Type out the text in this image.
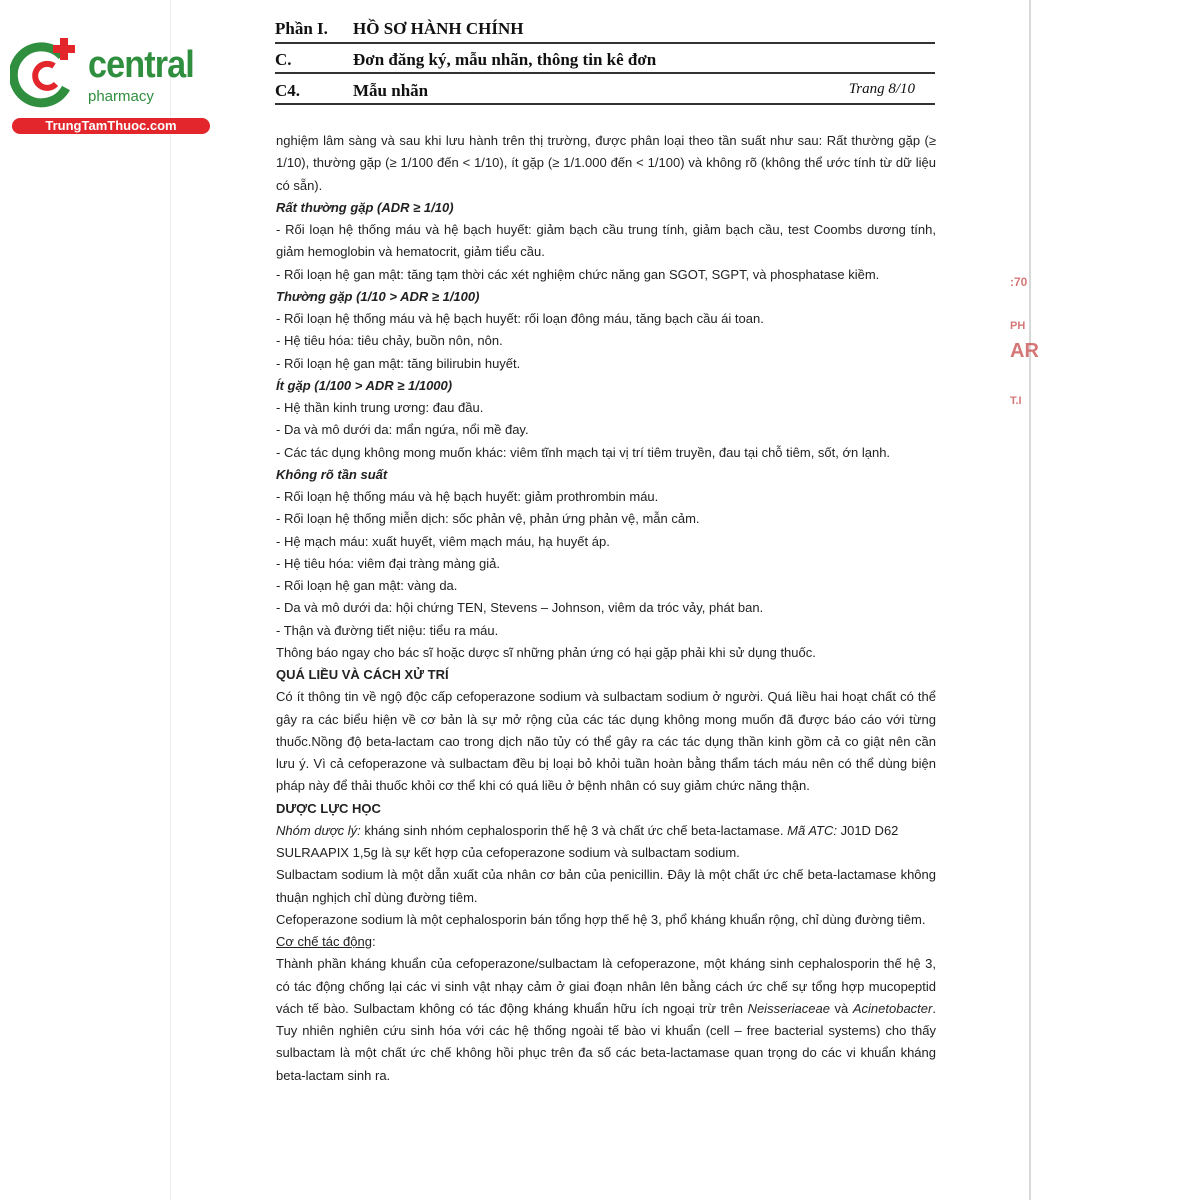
central
pharmacy
TrungTamThuoc.com
Phần I. HỒ SƠ HÀNH CHÍNH
C.	Đơn đăng ký, mẫu nhãn, thông tin kê đơn
C4.	Mẫu nhãn	Trang 8/10

nghiệm lâm sàng và sau khi lưu hành trên thị trường, được phân loại theo tần suất như sau: Rất thường gặp (≥ 1/10), thường gặp (≥ 1/100 đến < 1/10), ít gặp (≥ 1/1.000 đến < 1/100) và không rõ (không thể ước tính từ dữ liệu có sẵn).

Rất thường gặp (ADR ≥ 1/10)

- Rối loạn hệ thống máu và hệ bạch huyết: giảm bạch cầu trung tính, giảm bạch cầu, test Coombs dương tính, giảm hemoglobin và hematocrit, giảm tiểu cầu.

- Rối loạn hệ gan mật: tăng tạm thời các xét nghiệm chức năng gan SGOT, SGPT, và phosphatase kiềm.

Thường gặp (1/10 > ADR ≥ 1/100)

- Rối loạn hệ thống máu và hệ bạch huyết: rối loạn đông máu, tăng bạch cầu ái toan.

- Hệ tiêu hóa: tiêu chảy, buồn nôn, nôn.

- Rối loạn hệ gan mật: tăng bilirubin huyết.

Ít gặp (1/100 > ADR ≥ 1/1000)

- Hệ thần kinh trung ương: đau đầu.

- Da và mô dưới da: mẩn ngứa, nổi mề đay.

- Các tác dụng không mong muốn khác: viêm tĩnh mạch tại vị trí tiêm truyền, đau tại chỗ tiêm, sốt, ớn lạnh.

Không rõ tần suất

- Rối loạn hệ thống máu và hệ bạch huyết: giảm prothrombin máu.

- Rối loạn hệ thống miễn dịch: sốc phản vệ, phản ứng phản vệ, mẫn cảm.

- Hệ mạch máu: xuất huyết, viêm mạch máu, hạ huyết áp.

- Hệ tiêu hóa: viêm đại tràng màng giả.

- Rối loạn hệ gan mật: vàng da.

- Da và mô dưới da: hội chứng TEN, Stevens – Johnson, viêm da tróc vảy, phát ban.

- Thận và đường tiết niệu: tiểu ra máu.

Thông báo ngay cho bác sĩ hoặc dược sĩ những phản ứng có hại gặp phải khi sử dụng thuốc.

QUÁ LIỀU VÀ CÁCH XỬ TRÍ

Có ít thông tin về ngộ độc cấp cefoperazone sodium và sulbactam sodium ở người. Quá liều hai hoạt chất có thể gây ra các biểu hiện về cơ bản là sự mở rộng của các tác dụng không mong muốn đã được báo cáo với từng thuốc.Nồng độ beta-lactam cao trong dịch não tủy có thể gây ra các tác dụng thần kinh gồm cả co giật nên cần lưu ý. Vì cả cefoperazone và sulbactam đều bị loại bỏ khỏi tuần hoàn bằng thẩm tách máu nên có thể dùng biện pháp này để thải thuốc khỏi cơ thể khi có quá liều ở bệnh nhân có suy giảm chức năng thận.

DƯỢC LỰC HỌC

Nhóm dược lý: kháng sinh nhóm cephalosporin thế hệ 3 và chất ức chế beta-lactamase. Mã ATC: J01D D62

SULRAAPIX 1,5g là sự kết hợp của cefoperazone sodium và sulbactam sodium.

Sulbactam sodium là một dẫn xuất của nhân cơ bản của penicillin. Đây là một chất ức chế beta-lactamase không thuận nghịch chỉ dùng đường tiêm.

Cefoperazone sodium là một cephalosporin bán tổng hợp thế hệ 3, phổ kháng khuẩn rộng, chỉ dùng đường tiêm.

Cơ chế tác động:

Thành phần kháng khuẩn của cefoperazone/sulbactam là cefoperazone, một kháng sinh cephalosporin thế hệ 3, có tác động chống lại các vi sinh vật nhạy cảm ở giai đoạn nhân lên bằng cách ức chế sự tổng hợp mucopeptid vách tế bào. Sulbactam không có tác động kháng khuẩn hữu ích ngoại trừ trên Neisseriaceae và Acinetobacter. Tuy nhiên nghiên cứu sinh hóa với các hệ thống ngoài tế bào vi khuẩn (cell – free bacterial systems) cho thấy sulbactam là một chất ức chế không hồi phục trên đa số các beta-lactamase quan trọng do các vi khuẩn kháng beta-lactam sinh ra.

:70
PH
AR
T.I
